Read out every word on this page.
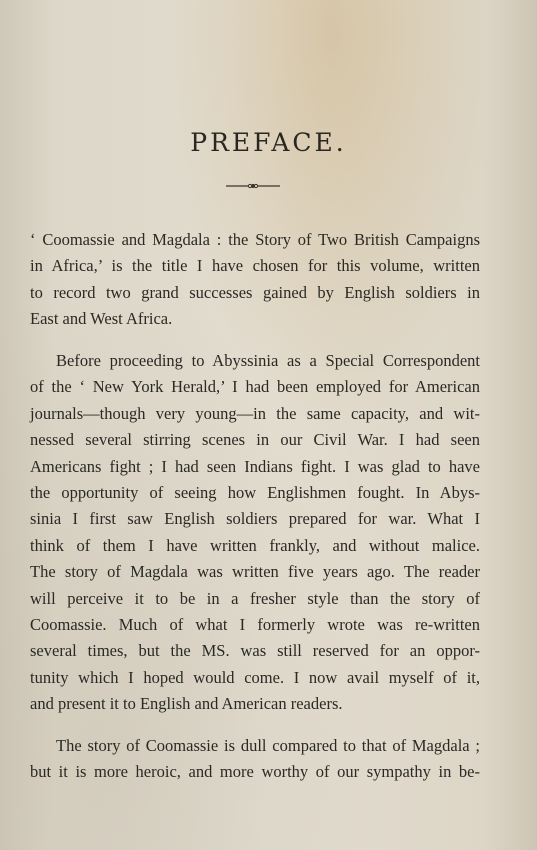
PREFACE.

‘ Coomassie and Magdala : the Story of Two British Campaigns
in Africa,’ is the title I have chosen for this volume, written
to record two grand successes gained by English soldiers in
East and West Africa.

Before proceeding to Abyssinia as a Special Correspondent
of the ‘ New York Herald,’ I had been employed for American
journals—though very young—in the same capacity, and wit-
nessed several stirring scenes in our Civil War. I had seen
Americans fight ; I had seen Indians fight. I was glad to have
the opportunity of seeing how Englishmen fought. In Abys-
sinia I first saw English soldiers prepared for war. What I
think of them I have written frankly, and without malice.
The story of Magdala was written five years ago. The reader
will perceive it to be in a fresher style than the story of
Coomassie. Much of what I formerly wrote was re-written
several times, but the MS. was still reserved for an oppor-
tunity which I hoped would come. I now avail myself of it,
and present it to English and American readers.

The story of Coomassie is dull compared to that of Magdala ;
but it is more heroic, and more worthy of our sympathy in be-
